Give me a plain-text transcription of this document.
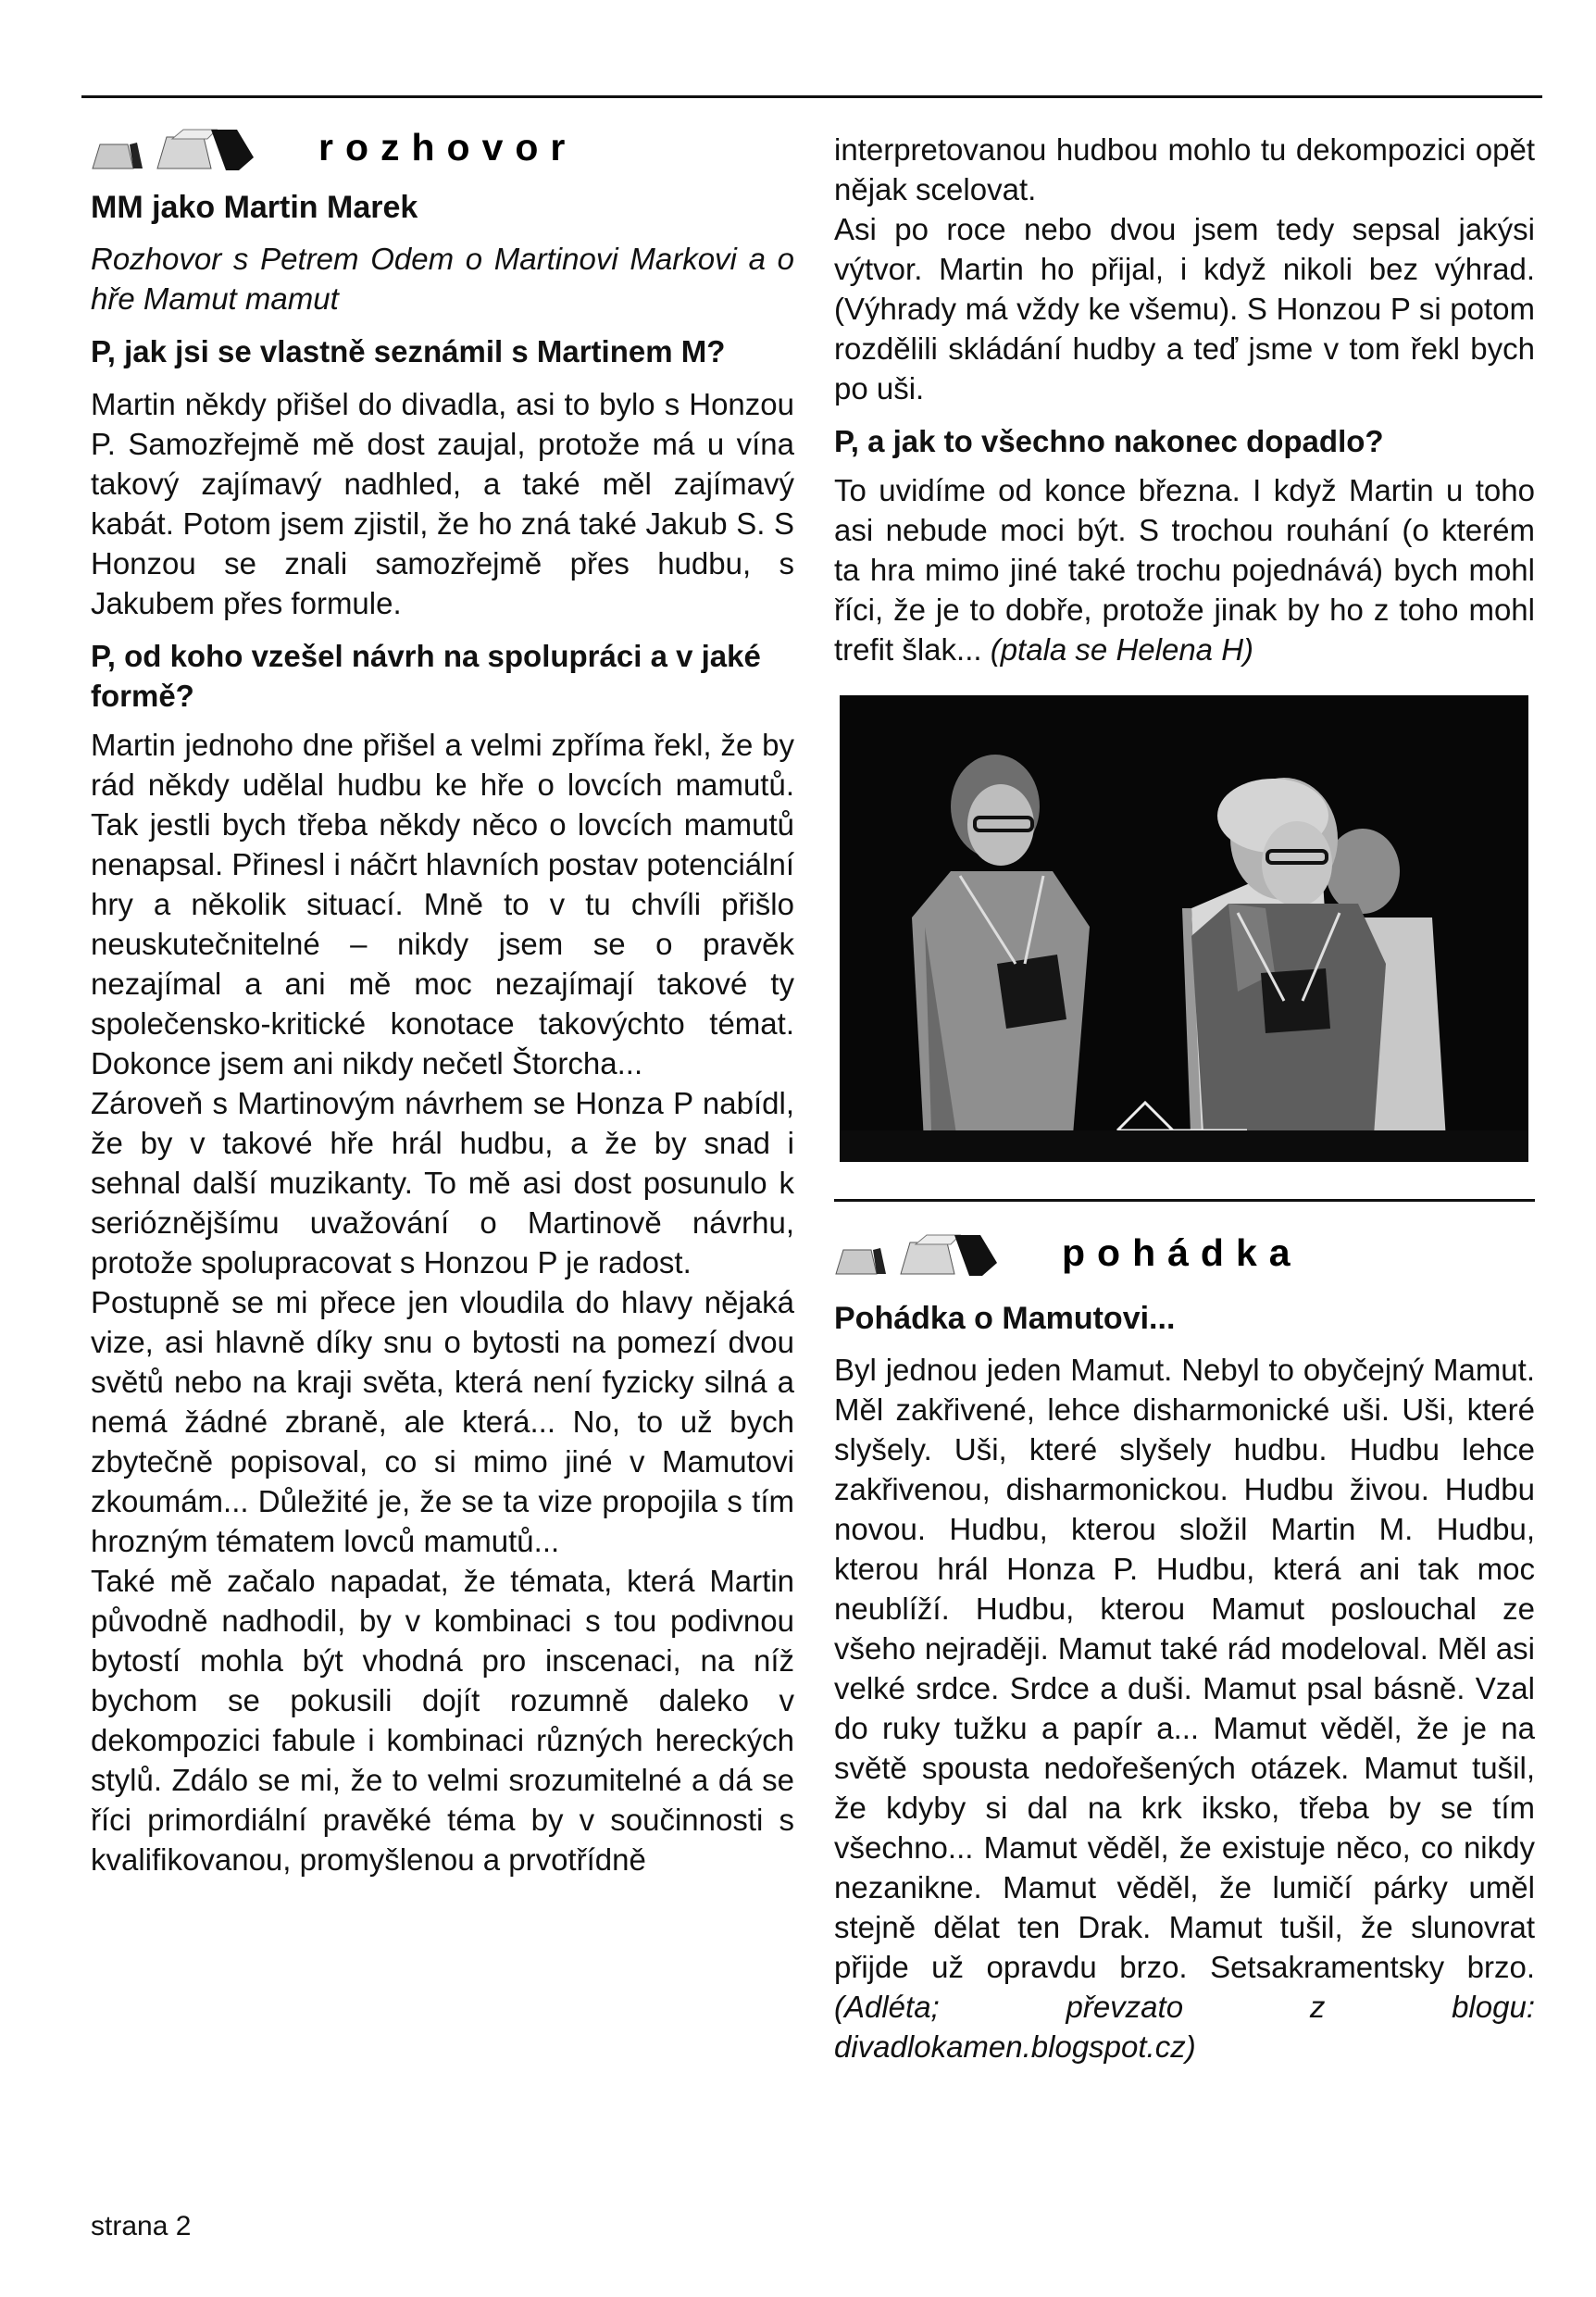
rozhovor
MM jako Martin Marek

Rozhovor s Petrem Odem o Martinovi Markovi a o hře Mamut mamut

P, jak jsi se vlastně seznámil s Martinem M?

Martin někdy přišel do divadla, asi to bylo s Honzou P. Samozřejmě mě dost zaujal, protože má u vína takový zajímavý nadhled, a také měl zajímavý kabát. Potom jsem zjistil, že ho zná také Jakub S. S Honzou se znali samozřejmě přes hudbu, s Jakubem přes formule.

P, od koho vzešel návrh na spolupráci a v jaké formě?

Martin jednoho dne přišel a velmi zpříma řekl, že by rád někdy udělal hudbu ke hře o lovcích mamutů. Tak jestli bych třeba někdy něco o lovcích mamutů nenapsal. Přinesl i náčrt hlavních postav potenciální hry a několik situací. Mně to v tu chvíli přišlo neuskutečnitelné – nikdy jsem se o pravěk nezajímal a ani mě moc nezajímají takové ty společensko-kritické konotace takovýchto témat. Dokonce jsem ani nikdy nečetl Štorcha...

Zároveň s Martinovým návrhem se Honza P nabídl, že by v takové hře hrál hudbu, a že by snad i sehnal další muzikanty. To mě asi dost posunulo k serióznějšímu uvažování o Martinově návrhu, protože spolupracovat s Honzou P je radost.

Postupně se mi přece jen vloudila do hlavy nějaká vize, asi hlavně díky snu o bytosti na pomezí dvou světů nebo na kraji světa, která není fyzicky silná a nemá žádné zbraně, ale která... No, to už bych zbytečně popisoval, co si mimo jiné v Mamutovi zkoumám... Důležité je, že se ta vize propojila s tím hrozným tématem lovců mamutů...

Také mě začalo napadat, že témata, která Martin původně nadhodil, by v kombinaci s tou podivnou bytostí mohla být vhodná pro inscenaci, na níž bychom se pokusili dojít rozumně daleko v dekompozici fabule i kombinaci různých hereckých stylů. Zdálo se mi, že to velmi srozumitelné a dá se říci primordiální pravěké téma by v součinnosti s kvalifikovanou, promyšlenou a prvotřídně

interpretovanou hudbou mohlo tu dekompozici opět nějak scelovat.

Asi po roce nebo dvou jsem tedy sepsal jakýsi výtvor. Martin ho přijal, i když nikoli bez výhrad. (Výhrady má vždy ke všemu). S Honzou P si potom rozdělili skládání hudby a teď jsme v tom řekl bych po uši.

P, a jak to všechno nakonec dopadlo?

To uvidíme od konce března. I když Martin u toho asi nebude moci být. S trochou rouhání (o kterém ta hra mimo jiné také trochu pojednává) bych mohl říci, že je to dobře, protože jinak by ho z toho mohl trefit šlak... (ptala se Helena H)

pohádka
Pohádka o Mamutovi...

Byl jednou jeden Mamut. Nebyl to obyčejný Mamut. Měl zakřivené, lehce disharmonické uši. Uši, které slyšely. Uši, které slyšely hudbu. Hudbu lehce zakřivenou, disharmonickou. Hudbu živou. Hudbu novou. Hudbu, kterou složil Martin M. Hudbu, kterou hrál Honza P. Hudbu, která ani tak moc neublíží. Hudbu, kterou Mamut poslouchal ze všeho nejraději. Mamut také rád modeloval. Měl asi velké srdce. Srdce a duši. Mamut psal básně. Vzal do ruky tužku a papír a... Mamut věděl, že je na světě spousta nedořešených otázek. Mamut tušil, že kdyby si dal na krk iksko, třeba by se tím všechno... Mamut věděl, že existuje něco, co nikdy nezanikne. Mamut věděl, že lumičí párky uměl stejně dělat ten Drak. Mamut tušil, že slunovrat přijde už opravdu brzo. Setsakramentsky brzo. (Adléta; převzato z blogu: divadlokamen.blogspot.cz)

strana 2
